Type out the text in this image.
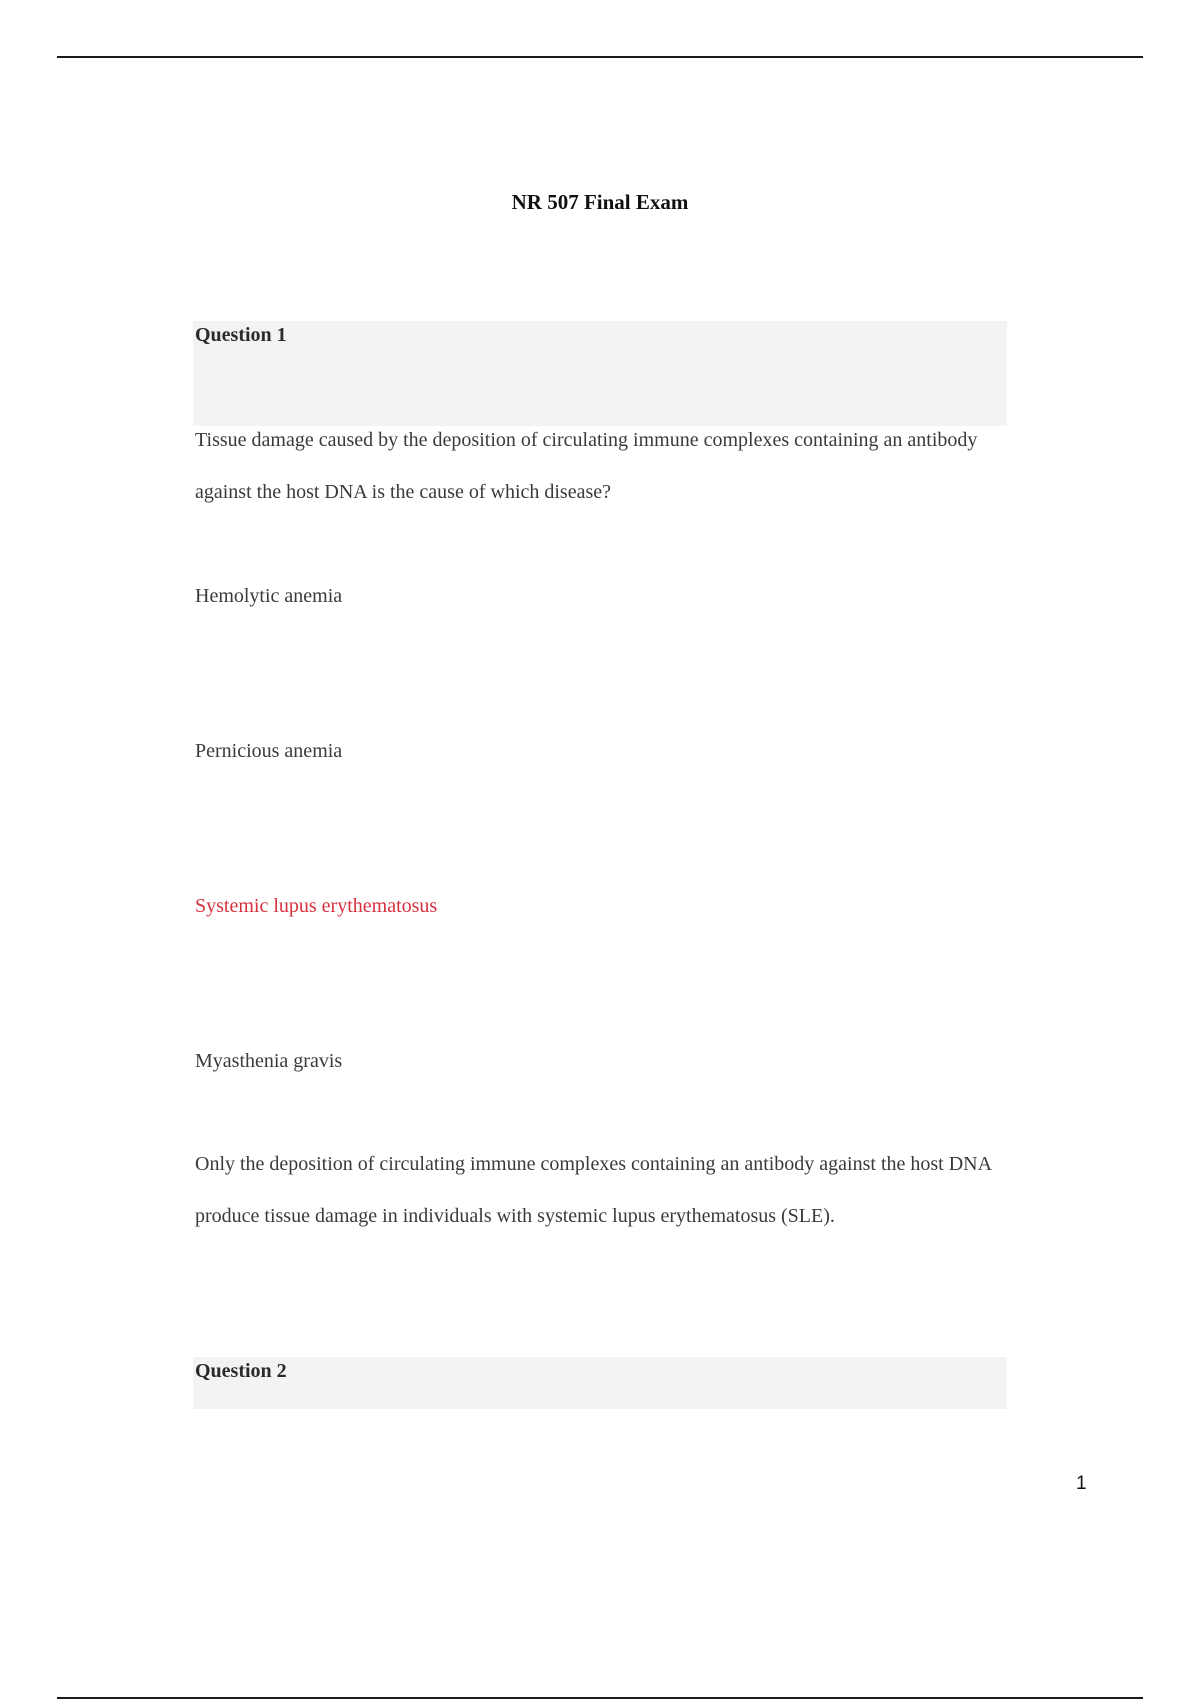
NR 507 Final Exam
Question 1
Tissue damage caused by the deposition of circulating immune complexes containing an antibody against the host DNA is the cause of which disease?
Hemolytic anemia
Pernicious anemia
Systemic lupus erythematosus
Myasthenia gravis
Only the deposition of circulating immune complexes containing an antibody against the host DNA produce tissue damage in individuals with systemic lupus erythematosus (SLE).
Question 2
1
